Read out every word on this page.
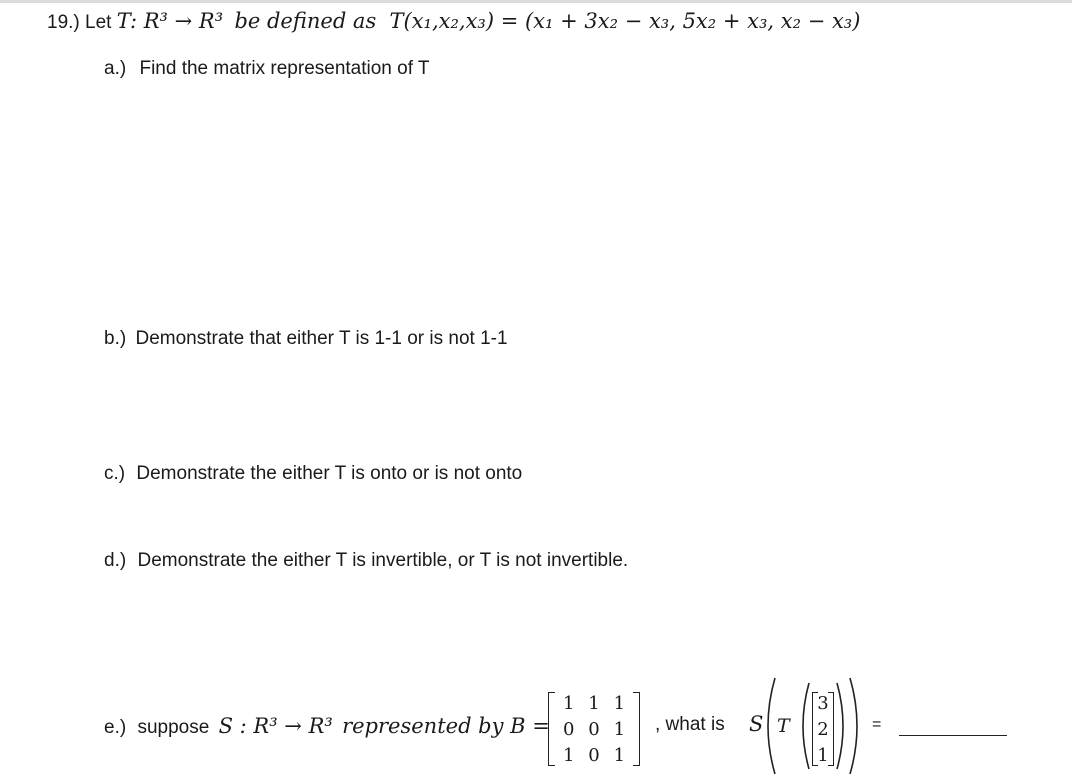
19.) Let T: R³ → R³ be defined as T(x₁,x₂,x₃) = (x₁ + 3x₂ − x₃, 5x₂ + x₃, x₂ − x₃)
a.) Find the matrix representation of T
b.) Demonstrate that either T is 1-1 or is not 1-1
c.) Demonstrate the either T is onto or is not onto
d.) Demonstrate the either T is invertible, or T is not invertible.
e.) suppose S : R³ → R³ represented by B =
1 1 1
0 0 1
1 0 1
, what is S T
3
2
1
=
